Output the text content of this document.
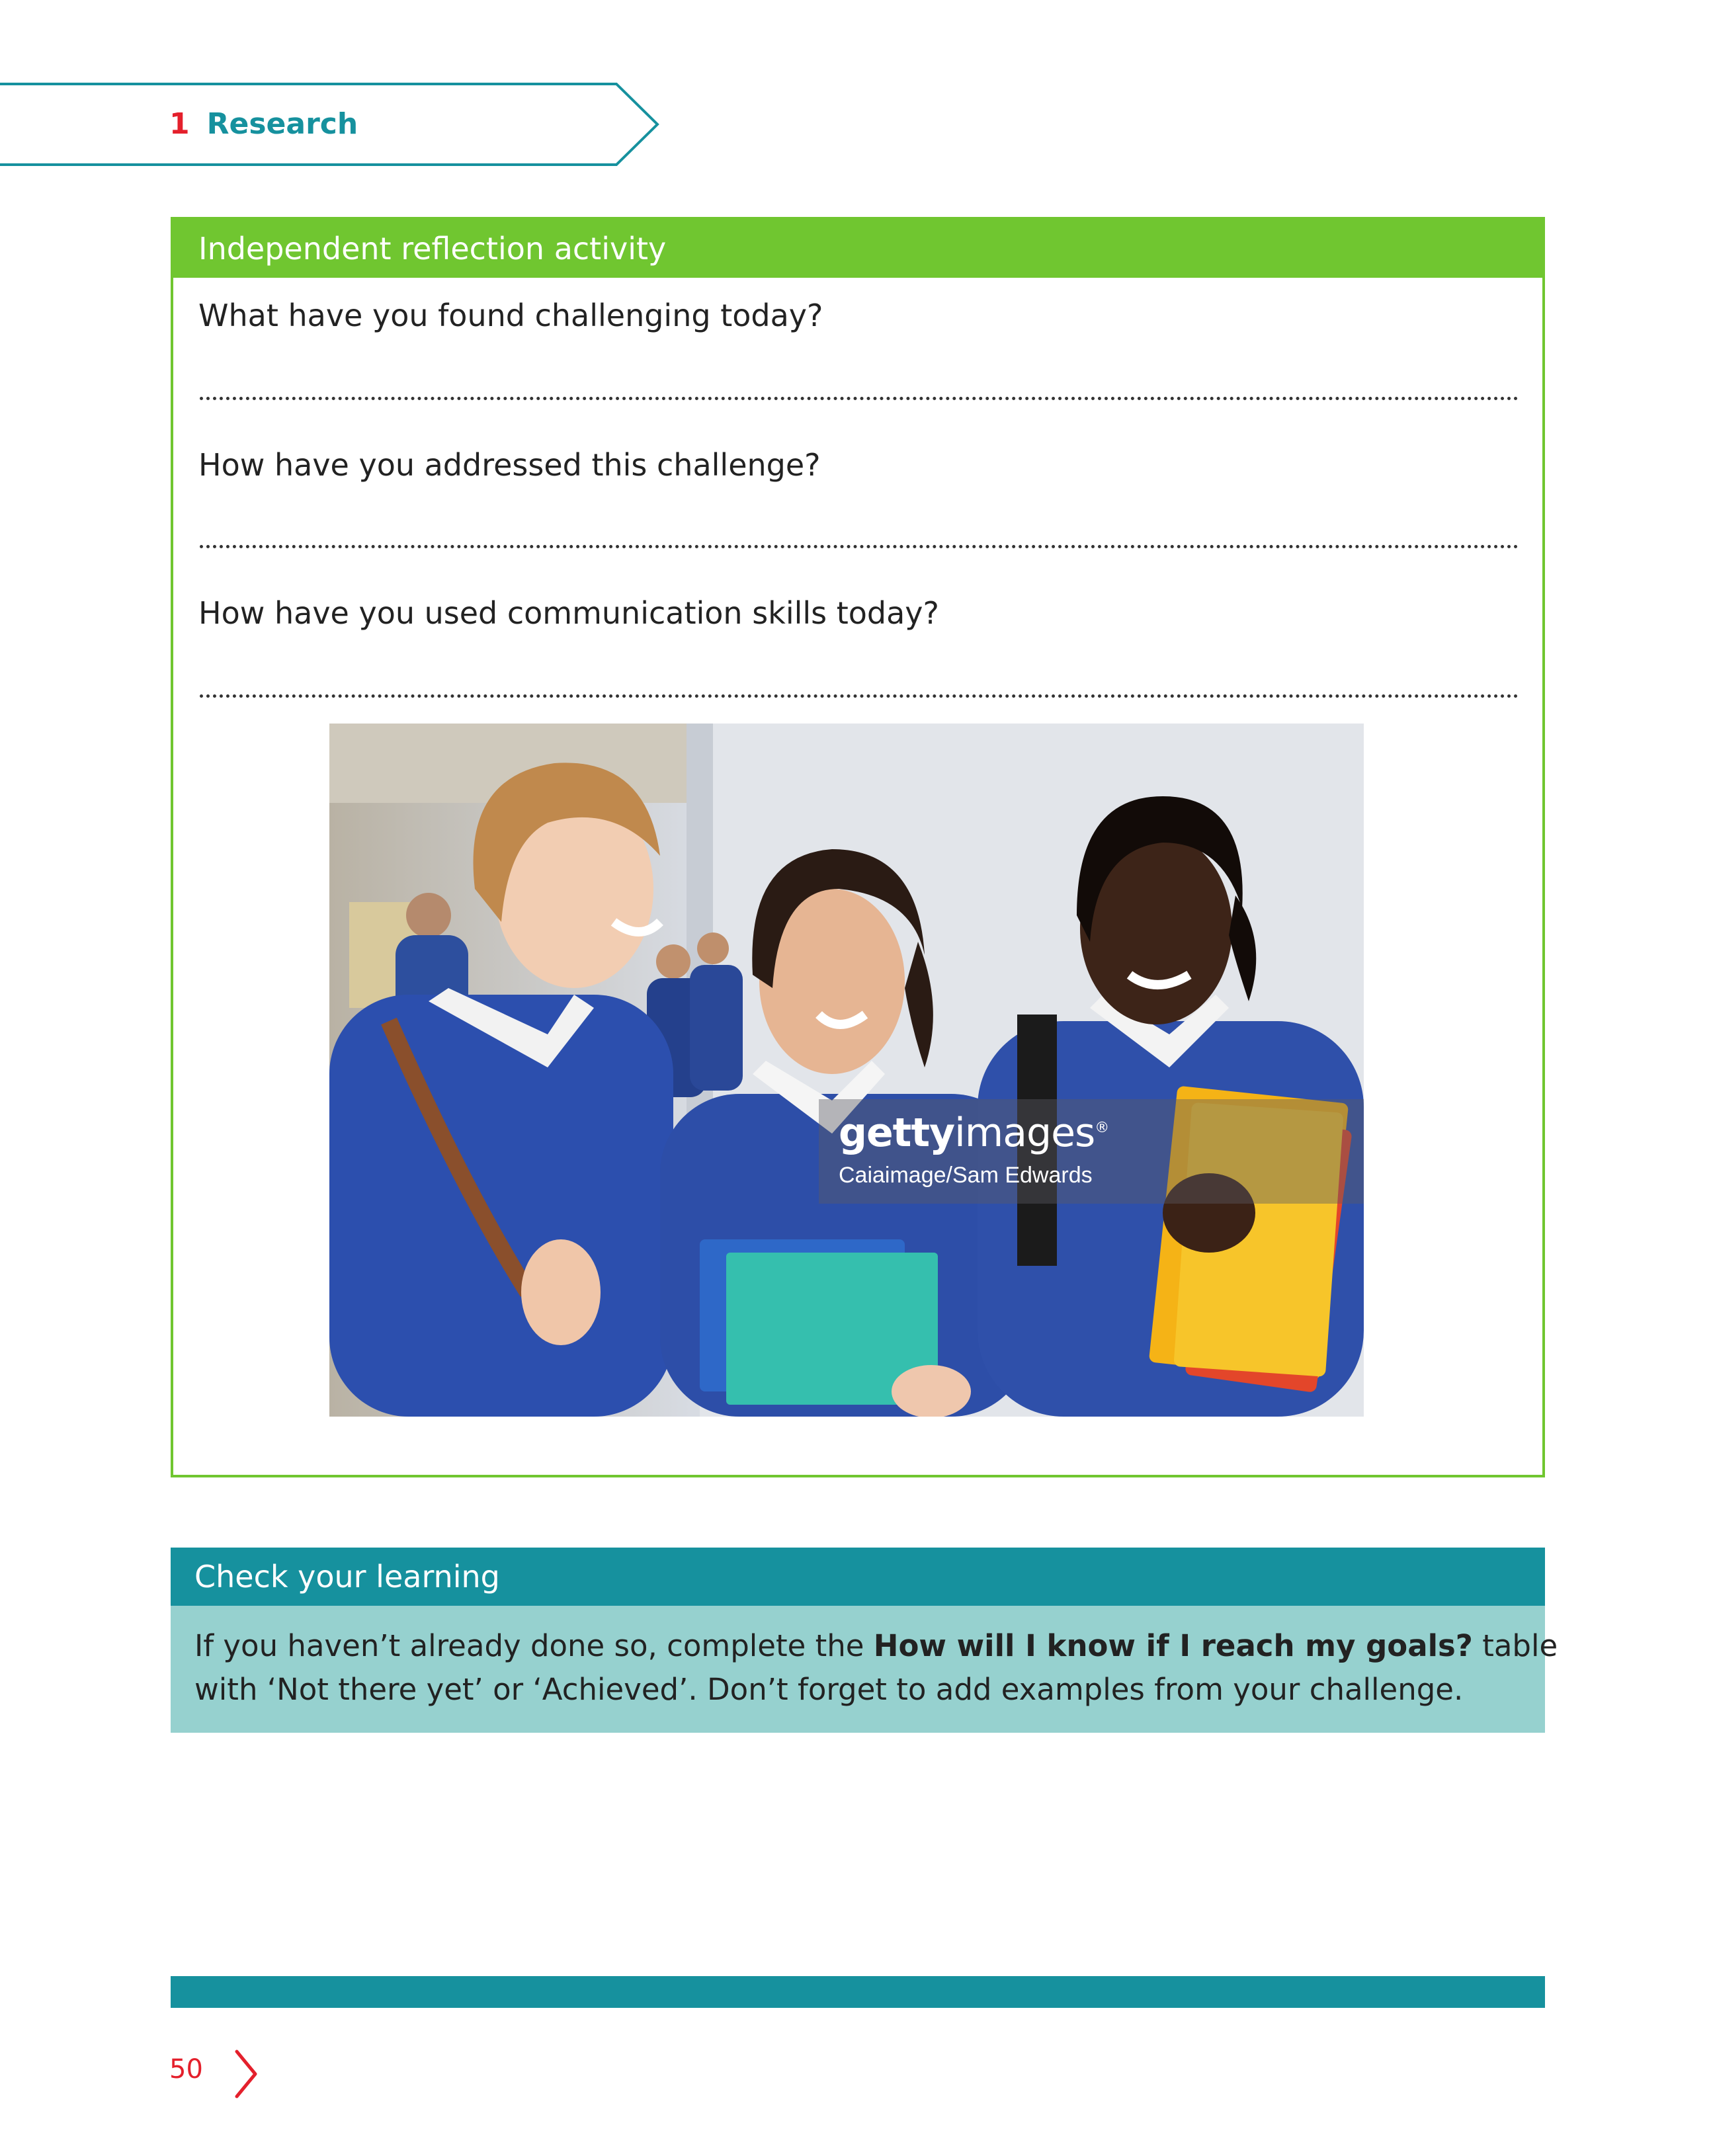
1 Research
Independent reflection activity
What have you found challenging today?
How have you addressed this challenge?
How have you used communication skills today?
gettyimages®
Caiaimage/Sam Edwards
Check your learning
If you haven’t already done so, complete the How will I know if I reach my goals? table
with ‘Not there yet’ or ‘Achieved’. Don’t forget to add examples from your challenge.
50
